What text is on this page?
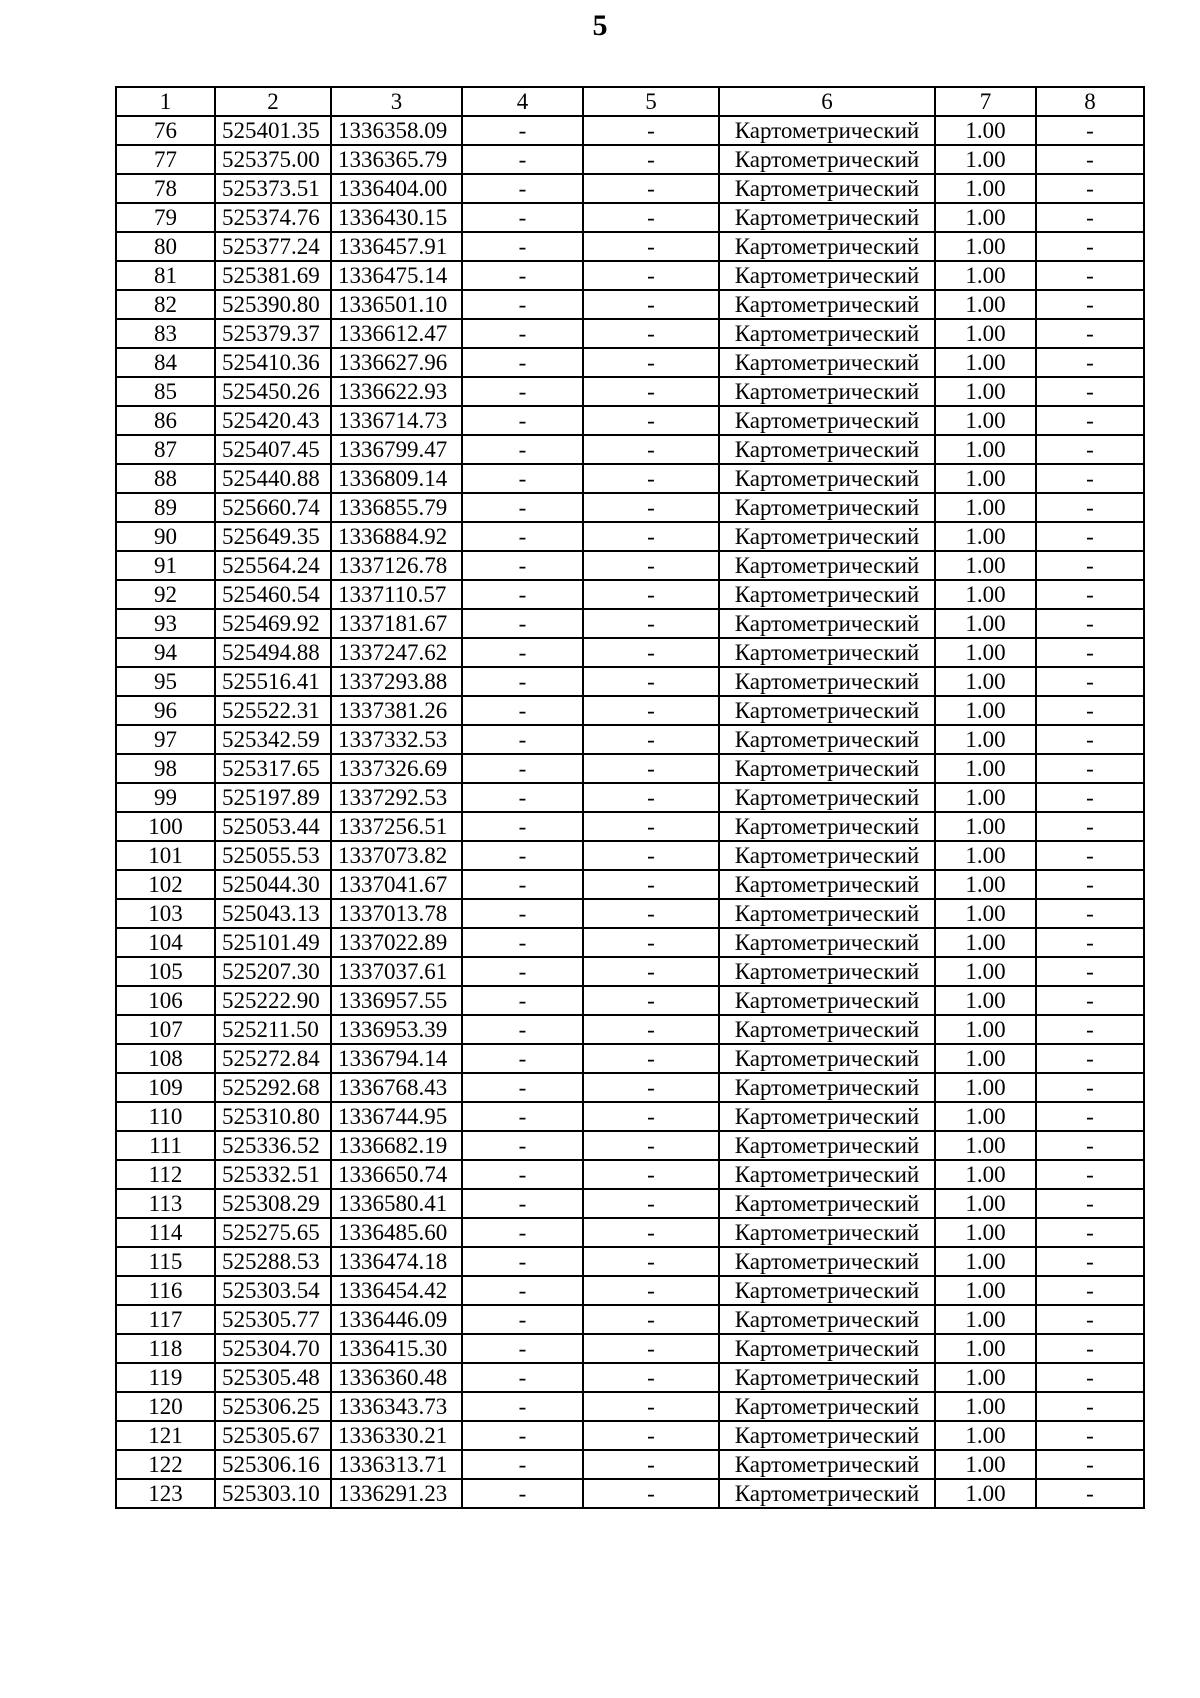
5
1	2	3	4	5	6	7	8
76	525401.35	1336358.09	-	-	Картометрический	1.00	-
77	525375.00	1336365.79	-	-	Картометрический	1.00	-
78	525373.51	1336404.00	-	-	Картометрический	1.00	-
79	525374.76	1336430.15	-	-	Картометрический	1.00	-
80	525377.24	1336457.91	-	-	Картометрический	1.00	-
81	525381.69	1336475.14	-	-	Картометрический	1.00	-
82	525390.80	1336501.10	-	-	Картометрический	1.00	-
83	525379.37	1336612.47	-	-	Картометрический	1.00	-
84	525410.36	1336627.96	-	-	Картометрический	1.00	-
85	525450.26	1336622.93	-	-	Картометрический	1.00	-
86	525420.43	1336714.73	-	-	Картометрический	1.00	-
87	525407.45	1336799.47	-	-	Картометрический	1.00	-
88	525440.88	1336809.14	-	-	Картометрический	1.00	-
89	525660.74	1336855.79	-	-	Картометрический	1.00	-
90	525649.35	1336884.92	-	-	Картометрический	1.00	-
91	525564.24	1337126.78	-	-	Картометрический	1.00	-
92	525460.54	1337110.57	-	-	Картометрический	1.00	-
93	525469.92	1337181.67	-	-	Картометрический	1.00	-
94	525494.88	1337247.62	-	-	Картометрический	1.00	-
95	525516.41	1337293.88	-	-	Картометрический	1.00	-
96	525522.31	1337381.26	-	-	Картометрический	1.00	-
97	525342.59	1337332.53	-	-	Картометрический	1.00	-
98	525317.65	1337326.69	-	-	Картометрический	1.00	-
99	525197.89	1337292.53	-	-	Картометрический	1.00	-
100	525053.44	1337256.51	-	-	Картометрический	1.00	-
101	525055.53	1337073.82	-	-	Картометрический	1.00	-
102	525044.30	1337041.67	-	-	Картометрический	1.00	-
103	525043.13	1337013.78	-	-	Картометрический	1.00	-
104	525101.49	1337022.89	-	-	Картометрический	1.00	-
105	525207.30	1337037.61	-	-	Картометрический	1.00	-
106	525222.90	1336957.55	-	-	Картометрический	1.00	-
107	525211.50	1336953.39	-	-	Картометрический	1.00	-
108	525272.84	1336794.14	-	-	Картометрический	1.00	-
109	525292.68	1336768.43	-	-	Картометрический	1.00	-
110	525310.80	1336744.95	-	-	Картометрический	1.00	-
111	525336.52	1336682.19	-	-	Картометрический	1.00	-
112	525332.51	1336650.74	-	-	Картометрический	1.00	-
113	525308.29	1336580.41	-	-	Картометрический	1.00	-
114	525275.65	1336485.60	-	-	Картометрический	1.00	-
115	525288.53	1336474.18	-	-	Картометрический	1.00	-
116	525303.54	1336454.42	-	-	Картометрический	1.00	-
117	525305.77	1336446.09	-	-	Картометрический	1.00	-
118	525304.70	1336415.30	-	-	Картометрический	1.00	-
119	525305.48	1336360.48	-	-	Картометрический	1.00	-
120	525306.25	1336343.73	-	-	Картометрический	1.00	-
121	525305.67	1336330.21	-	-	Картометрический	1.00	-
122	525306.16	1336313.71	-	-	Картометрический	1.00	-
123	525303.10	1336291.23	-	-	Картометрический	1.00	-
